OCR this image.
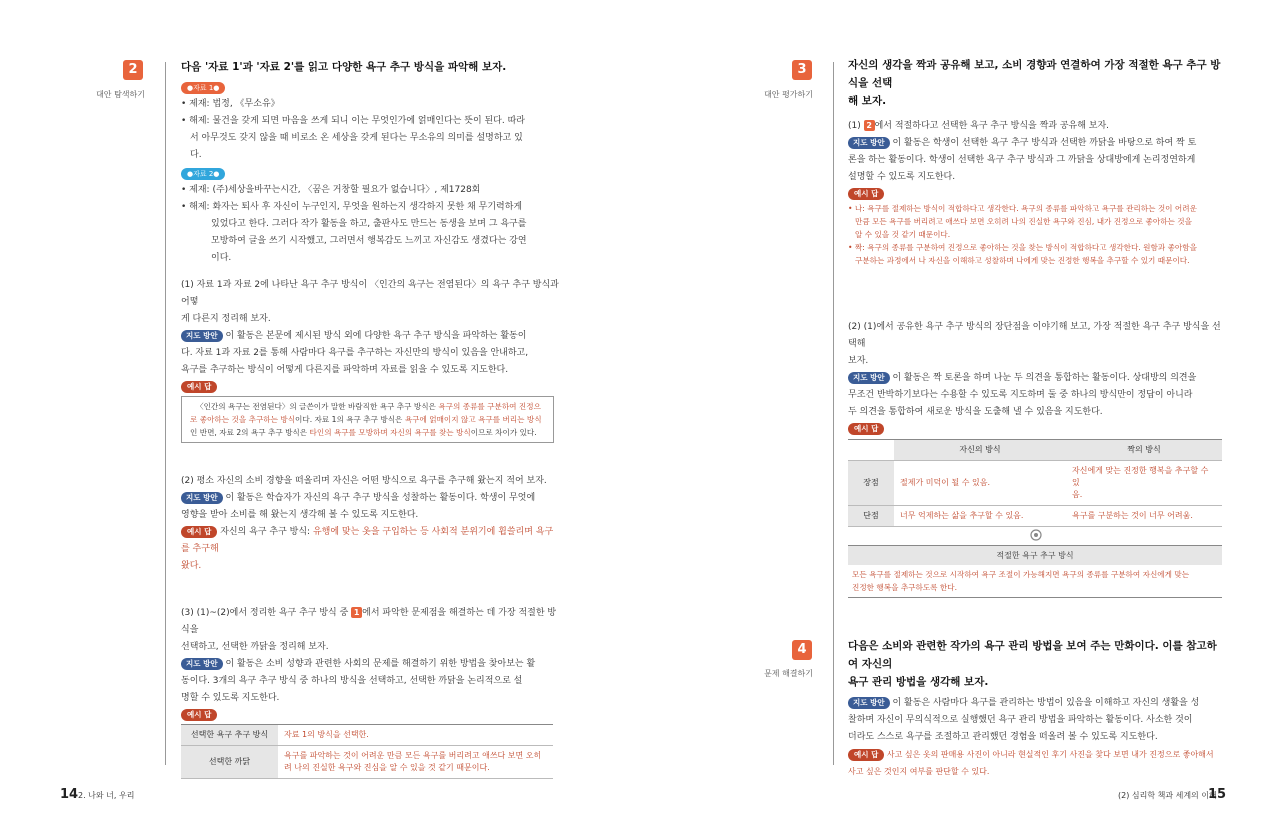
2
대안 탐색하기
다음 '자료 1'과 '자료 2'를 읽고 다양한 욕구 추구 방식을 파악해 보자.
●자료 1●
• 제재: 법정, 《무소유》
• 해제: 물건을 갖게 되면 마음을 쓰게 되니 이는 무엇인가에 얽매인다는 뜻이 된다. 따라
서 아무것도 갖지 않을 때 비로소 온 세상을 갖게 된다는 무소유의 의미를 설명하고 있
다.
●자료 2●
• 제재: (주)세상을바꾸는시간, 〈꿈은 거창할 필요가 없습니다〉, 제1728회
• 해제: 화자는 퇴사 후 자신이 누구인지, 무엇을 원하는지 생각하지 못한 채 무기력하게
있었다고 한다. 그러다 작가 활동을 하고, 출판사도 만드는 동생을 보며 그 욕구를
모방하여 글을 쓰기 시작했고, 그러면서 행복감도 느끼고 자신감도 생겼다는 강연
이다.
(1) 자료 1과 자료 2에 나타난 욕구 추구 방식이 〈인간의 욕구는 전염된다〉의 욕구 추구 방식과 어떻
게 다른지 정리해 보자.
지도 방안 이 활동은 본문에 제시된 방식 외에 다양한 욕구 추구 방식을 파악하는 활동이
다. 자료 1과 자료 2를 통해 사람마다 욕구를 추구하는 자신만의 방식이 있음을 안내하고,
욕구를 추구하는 방식이 어떻게 다른지를 파악하며 자료를 읽을 수 있도록 지도한다.
예시 답
〈인간의 욕구는 전염된다〉의 글쓴이가 말한 바람직한 욕구 추구 방식은 욕구의 종류를 구분하여 진정으로 좋아하는 것을 추구하는 방식이다. 자료 1의 욕구 추구 방식은 욕구에 얽매이지 않고 욕구를 버리는 방식인 반면, 자료 2의 욕구 추구 방식은 타인의 욕구를 모방하며 자신의 욕구를 찾는 방식이므로 차이가 있다.
(2) 평소 자신의 소비 경향을 떠올리며 자신은 어떤 방식으로 욕구를 추구해 왔는지 적어 보자.
지도 방안 이 활동은 학습자가 자신의 욕구 추구 방식을 성찰하는 활동이다. 학생이 무엇에
영향을 받아 소비를 해 왔는지 생각해 볼 수 있도록 지도한다.
예시 답 자신의 욕구 추구 방식: 유행에 맞는 옷을 구입하는 등 사회적 분위기에 휩쓸리며 욕구를 추구해
왔다.
(3) (1)~(2)에서 정리한 욕구 추구 방식 중 1 에서 파악한 문제점을 해결하는 데 가장 적절한 방식을
선택하고, 선택한 까닭을 정리해 보자.
지도 방안 이 활동은 소비 성향과 관련한 사회의 문제를 해결하기 위한 방법을 찾아보는 활
동이다. 3개의 욕구 추구 방식 중 하나의 방식을 선택하고, 선택한 까닭을 논리적으로 설
명할 수 있도록 지도한다.
예시 답
선택한 욕구 추구 방식	자료 1의 방식을 선택한.
선택한 까닭	욕구를 파악하는 것이 어려운 만큼 모든 욕구를 버리려고 애쓰다 보면 오히
려 나의 진실한 욕구와 진심을 알 수 있을 것 같기 때문이다.
14 2. 나와 너, 우리
3
대안 평가하기
자신의 생각을 짝과 공유해 보고, 소비 경향과 연결하여 가장 적절한 욕구 추구 방식을 선택
해 보자.
(1) 2 에서 적절하다고 선택한 욕구 추구 방식을 짝과 공유해 보자.
지도 방안 이 활동은 학생이 선택한 욕구 추구 방식과 선택한 까닭을 바탕으로 하여 짝 토
론을 하는 활동이다. 학생이 선택한 욕구 추구 방식과 그 까닭을 상대방에게 논리정연하게
설명할 수 있도록 지도한다.
예시 답
• 나: 욕구를 절제하는 방식이 적합하다고 생각한다. 욕구의 종류를 파악하고 욕구를 관리하는 것이 어려운
만큼 모든 욕구를 버리려고 애쓰다 보면 오히려 나의 진실한 욕구와 진심, 내가 진정으로 좋아하는 것을
알 수 있을 것 같기 때문이다.
• 짝: 욕구의 종류를 구분하여 진정으로 좋아하는 것을 찾는 방식이 적합하다고 생각한다. 원함과 좋아함을
구분하는 과정에서 나 자신을 이해하고 성찰하며 나에게 맞는 진정한 행복을 추구할 수 있기 때문이다.
(2) (1)에서 공유한 욕구 추구 방식의 장단점을 이야기해 보고, 가장 적절한 욕구 추구 방식을 선택해
보자.
지도 방안 이 활동은 짝 토론을 하며 나눈 두 의견을 통합하는 활동이다. 상대방의 의견을
무조건 반박하기보다는 수용할 수 있도록 지도하며 둘 중 하나의 방식만이 정답이 아니라
두 의견을 통합하여 새로운 방식을 도출해 낼 수 있음을 지도한다.
예시 답
	자신의 방식	짝의 방식
장점	절제가 미덕이 될 수 있음.	자신에게 맞는 진정한 행복을 추구할 수 있
음.

단점	너무 억제하는 삶을 추구할 수 있음.	욕구를 구분하는 것이 너무 어려움.
적절한 욕구 추구 방식
모든 욕구를 절제하는 것으로 시작하여 욕구 조절이 가능해지면 욕구의 종류를 구분하여 자신에게 맞는
진정한 행복을 추구하도록 한다.
4
문제 해결하기
다음은 소비와 관련한 작가의 욕구 관리 방법을 보여 주는 만화이다. 이를 참고하여 자신의
욕구 관리 방법을 생각해 보자.
지도 방안 이 활동은 사람마다 욕구를 관리하는 방법이 있음을 이해하고 자신의 생활을 성
찰하며 자신이 무의식적으로 실행했던 욕구 관리 방법을 파악하는 활동이다. 사소한 것이
더라도 스스로 욕구를 조절하고 관리했던 경험을 떠올려 볼 수 있도록 지도한다.
예시 답 사고 싶은 옷의 판매용 사진이 아니라 현실적인 후기 사진을 찾다 보면 내가 진정으로 좋아해서
사고 싶은 것인지 여부를 판단할 수 있다.
(2) 심리학 책과 세계의 이해
15
